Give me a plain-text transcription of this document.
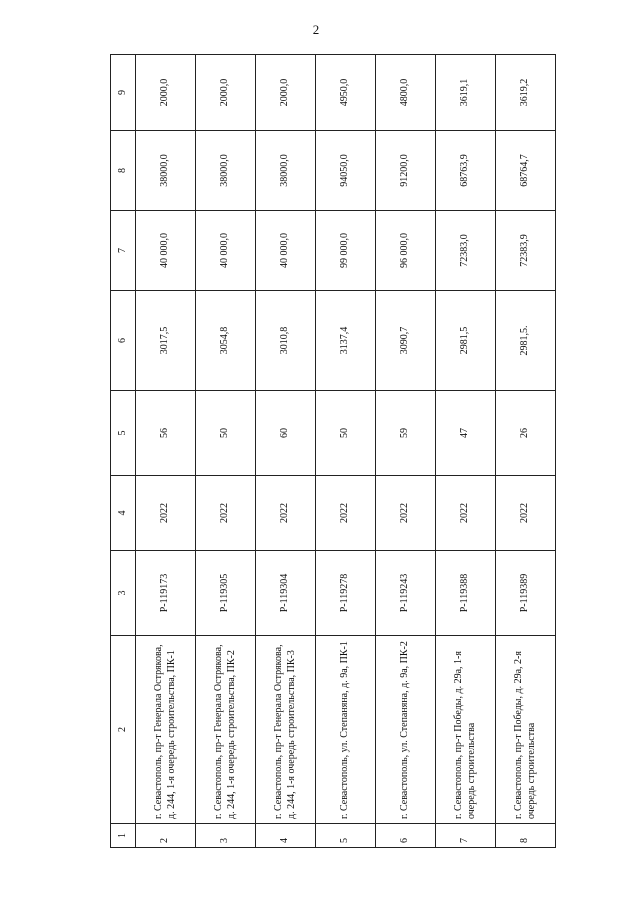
2
1	2	3	4	5	6	7	8	9
2	г. Севастополь, пр-т Генерала Острякова, д. 244, 1-я очередь строительства, ПК-1	Р-119173	2022	56	3017,5	40 000,0	38000,0	2000,0
3	г. Севастополь, пр-т Генерала Острякова, д. 244, 1-я очередь строительства, ПК-2	Р-119305	2022	50	3054,8	40 000,0	38000,0	2000,0
4	г. Севастополь, пр-т Генерала Острякова, д. 244, 1-я очередь строительства, ПК-3	Р-119304	2022	60	3010,8	40 000,0	38000,0	2000,0
5	г. Севастополь, ул. Степаняна, д. 9а, ПК-1	Р-119278	2022	50	3137,4	99 000,0	94050,0	4950,0
6	г. Севастополь, ул. Степаняна, д. 9а, ПК-2	Р-119243	2022	59	3090,7	96 000,0	91200,0	4800,0
7	г. Севастополь, пр-т Победы, д. 29а, 1-я очередь строительства	Р-119388	2022	47	2981,5	72383,0	68763,9	3619,1
8	г. Севастополь, пр-т Победы, д. 29а, 2-я очередь строительства	Р-119389	2022	26	2981,5.	72383,9	68764,7	3619,2
